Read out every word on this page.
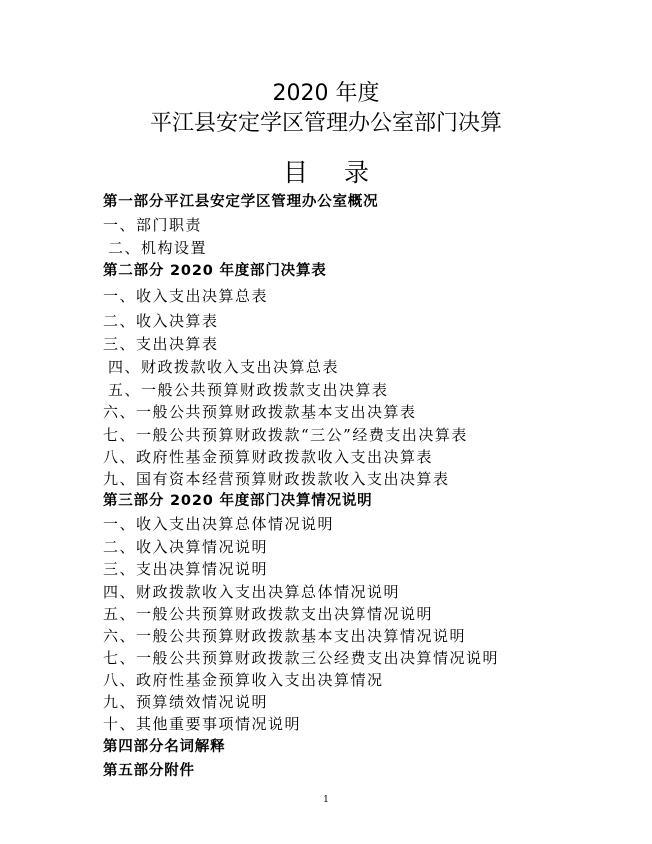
2020 年度
平江县安定学区管理办公室部门决算
目 录
第一部分平江县安定学区管理办公室概况
一、部门职责
二、机构设置
第二部分 2020 年度部门决算表
一、收入支出决算总表
二、收入决算表
三、支出决算表
四、财政拨款收入支出决算总表
五、一般公共预算财政拨款支出决算表
六、一般公共预算财政拨款基本支出决算表
七、一般公共预算财政拨款“三公”经费支出决算表
八、政府性基金预算财政拨款收入支出决算表
九、国有资本经营预算财政拨款收入支出决算表
第三部分 2020 年度部门决算情况说明
一、收入支出决算总体情况说明
二、收入决算情况说明
三、支出决算情况说明
四、财政拨款收入支出决算总体情况说明
五、一般公共预算财政拨款支出决算情况说明
六、一般公共预算财政拨款基本支出决算情况说明
七、一般公共预算财政拨款三公经费支出决算情况说明
八、政府性基金预算收入支出决算情况
九、预算绩效情况说明
十、其他重要事项情况说明
第四部分名词解释
第五部分附件
1
